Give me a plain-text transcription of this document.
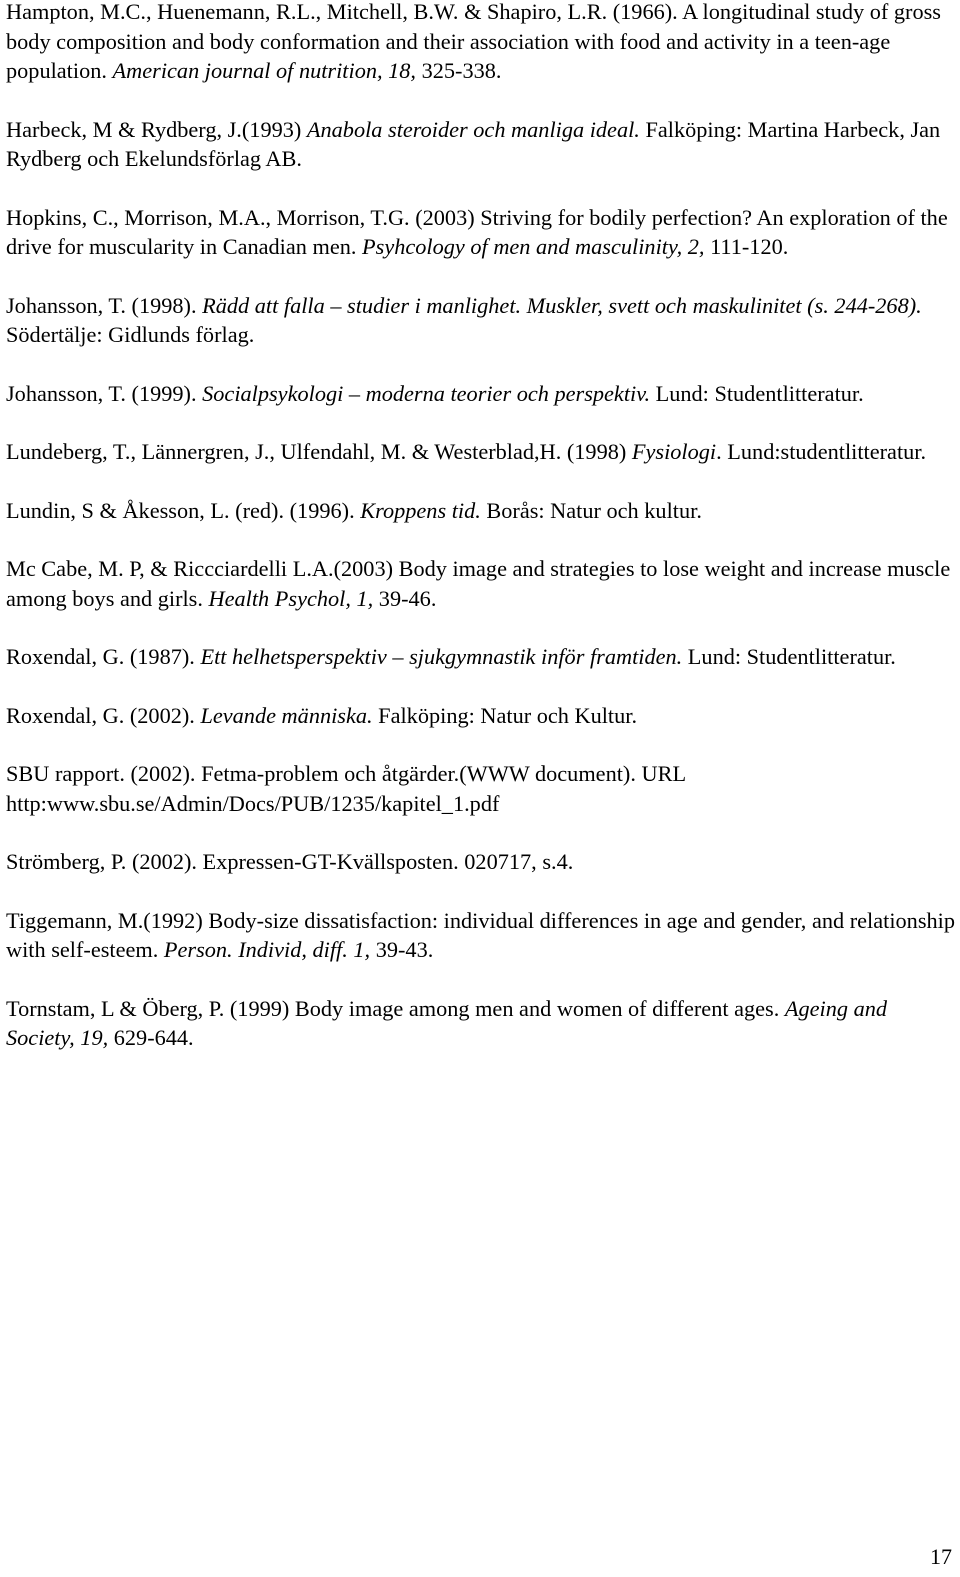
Hampton, M.C., Huenemann, R.L., Mitchell, B.W. & Shapiro, L.R. (1966). A longitudinal study of gross body composition and body conformation and their association with food and activity in a teen-age population. American journal of nutrition, 18, 325-338.
Harbeck, M & Rydberg, J.(1993) Anabola steroider och manliga ideal. Falköping: Martina Harbeck, Jan Rydberg och Ekelundsförlag AB.
Hopkins, C., Morrison, M.A., Morrison, T.G. (2003) Striving for bodily perfection? An exploration of the drive for muscularity in Canadian men. Psyhcology of men and masculinity, 2, 111-120.
Johansson, T. (1998). Rädd att falla – studier i manlighet. Muskler, svett och maskulinitet (s. 244-268). Södertälje: Gidlunds förlag.
Johansson, T. (1999). Socialpsykologi – moderna teorier och perspektiv. Lund: Studentlitteratur.
Lundeberg, T., Lännergren, J., Ulfendahl, M. & Westerblad,H. (1998) Fysiologi. Lund:studentlitteratur.
Lundin, S & Åkesson, L. (red). (1996). Kroppens tid. Borås: Natur och kultur.
Mc Cabe, M. P, & Riccciardelli L.A.(2003) Body image and strategies to lose weight and increase muscle among boys and girls. Health Psychol, 1, 39-46.
Roxendal, G. (1987). Ett helhetsperspektiv – sjukgymnastik inför framtiden. Lund: Studentlitteratur.
Roxendal, G. (2002). Levande människa. Falköping: Natur och Kultur.
SBU rapport. (2002). Fetma-problem och åtgärder.(WWW document). URL http:www.sbu.se/Admin/Docs/PUB/1235/kapitel_1.pdf
Strömberg, P. (2002). Expressen-GT-Kvällsposten. 020717, s.4.
Tiggemann, M.(1992) Body-size dissatisfaction: individual differences in age and gender, and relationship with self-esteem. Person. Individ, diff. 1, 39-43.
Tornstam, L & Öberg, P. (1999) Body image among men and women of different ages. Ageing and Society, 19, 629-644.
17
